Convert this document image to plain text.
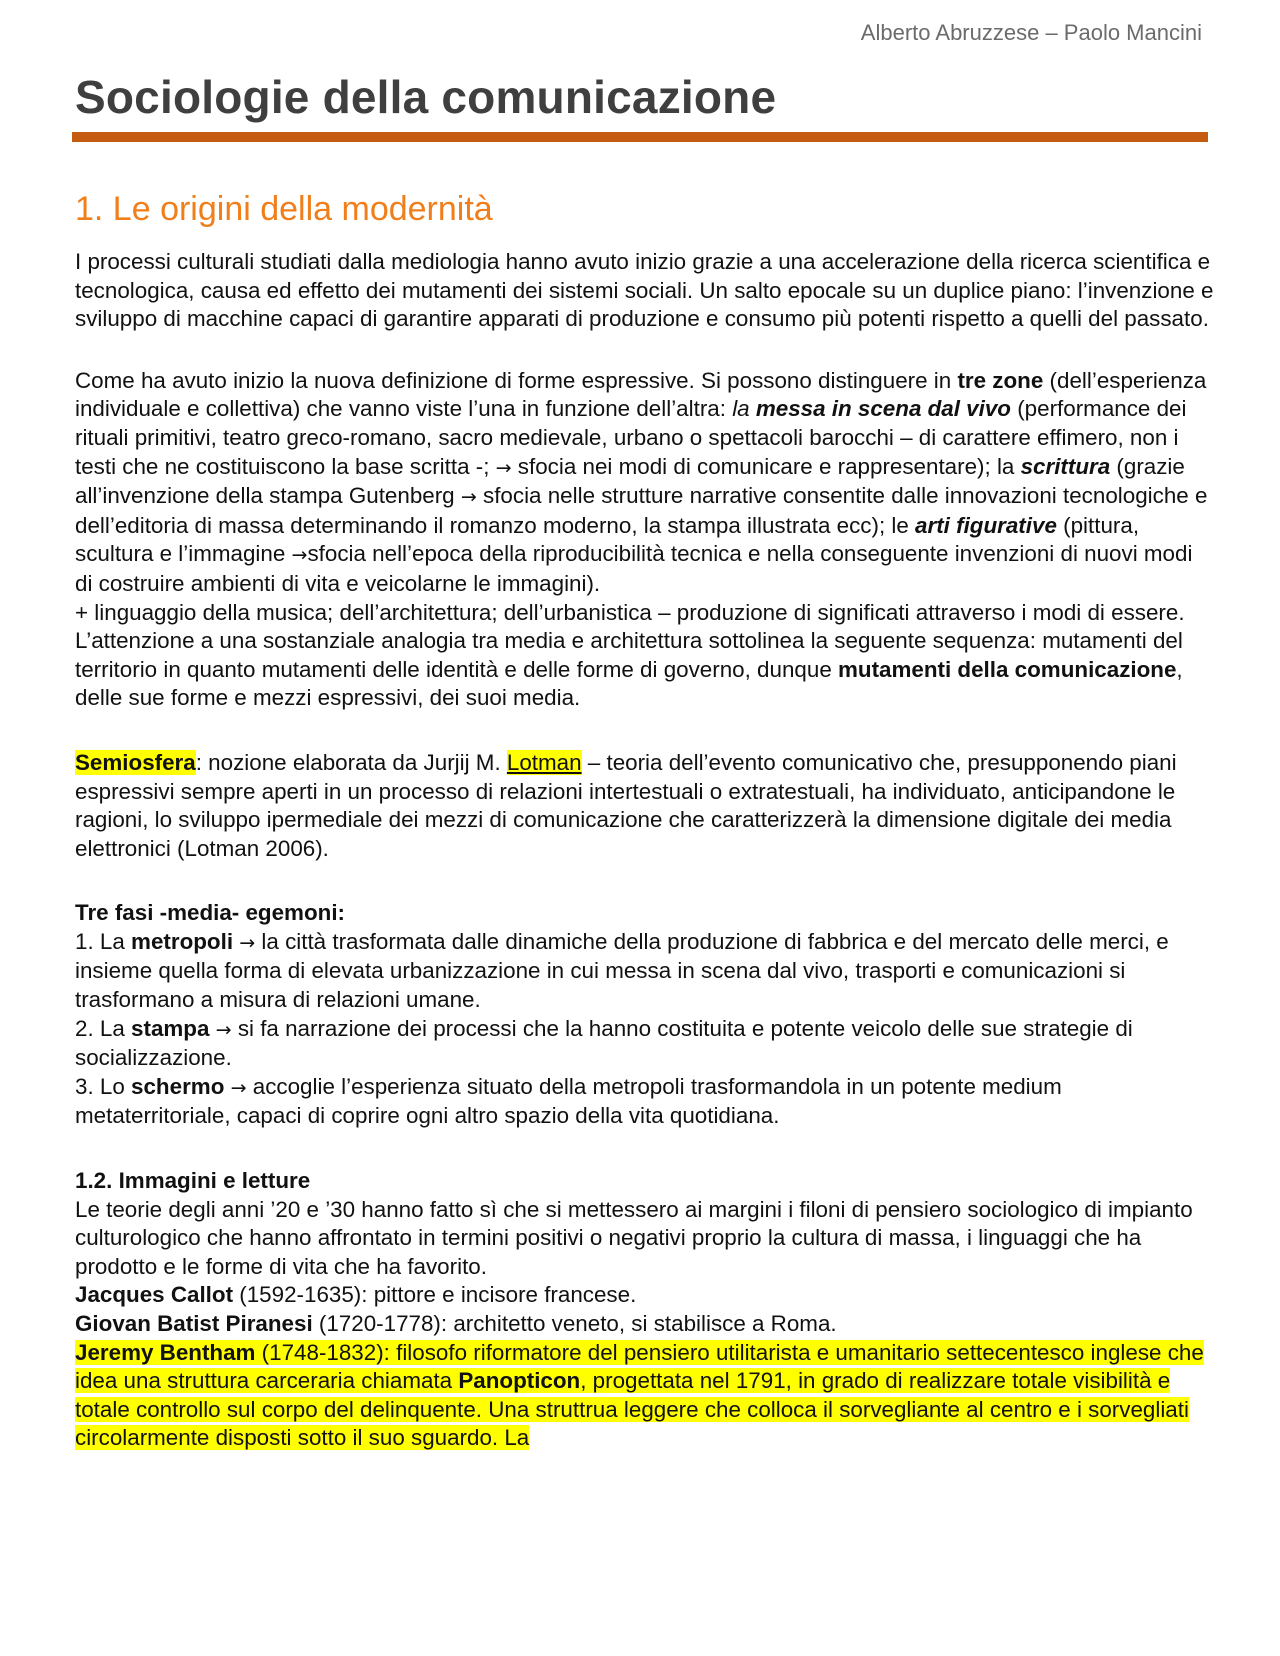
Alberto Abruzzese – Paolo Mancini
Sociologie della comunicazione
1. Le origini della modernità

I processi culturali studiati dalla mediologia hanno avuto inizio grazie a una accelerazione della ricerca scientifica e tecnologica, causa ed effetto dei mutamenti dei sistemi sociali. Un salto epocale su un duplice piano: l’invenzione e sviluppo di macchine capaci di garantire apparati di produzione e consumo più potenti rispetto a quelli del passato.

Come ha avuto inizio la nuova definizione di forme espressive. Si possono distinguere in tre zone (dell’esperienza individuale e collettiva) che vanno viste l’una in funzione dell’altra: la messa in scena dal vivo (performance dei rituali primitivi, teatro greco-romano, sacro medievale, urbano o spettacoli barocchi – di carattere effimero, non i testi che ne costituiscono la base scritta -; → sfocia nei modi di comunicare e rappresentare); la scrittura (grazie all’invenzione della stampa Gutenberg → sfocia nelle strutture narrative consentite dalle innovazioni tecnologiche e dell’editoria di massa determinando il romanzo moderno, la stampa illustrata ecc); le arti figurative (pittura, scultura e l’immagine →sfocia nell’epoca della riproducibilità tecnica e nella conseguente invenzioni di nuovi modi di costruire ambienti di vita e veicolarne le immagini).

+ linguaggio della musica; dell’architettura; dell’urbanistica – produzione di significati attraverso i modi di essere.

L’attenzione a una sostanziale analogia tra media e architettura sottolinea la seguente sequenza: mutamenti del territorio in quanto mutamenti delle identità e delle forme di governo, dunque mutamenti della comunicazione, delle sue forme e mezzi espressivi, dei suoi media.

Semiosfera: nozione elaborata da Jurjij M. Lotman – teoria dell’evento comunicativo che, presupponendo piani espressivi sempre aperti in un processo di relazioni intertestuali o extratestuali, ha individuato, anticipandone le ragioni, lo sviluppo ipermediale dei mezzi di comunicazione che caratterizzerà la dimensione digitale dei media elettronici (Lotman 2006).

Tre fasi -media- egemoni:

1. La metropoli → la città trasformata dalle dinamiche della produzione di fabbrica e del mercato delle merci, e insieme quella forma di elevata urbanizzazione in cui messa in scena dal vivo, trasporti e comunicazioni si trasformano a misura di relazioni umane.

2. La stampa → si fa narrazione dei processi che la hanno costituita e potente veicolo delle sue strategie di socializzazione.

3. Lo schermo → accoglie l’esperienza situato della metropoli trasformandola in un potente medium metaterritoriale, capaci di coprire ogni altro spazio della vita quotidiana.

1.2. Immagini e letture

Le teorie degli anni ’20 e ’30 hanno fatto sì che si mettessero ai margini i filoni di pensiero sociologico di impianto culturologico che hanno affrontato in termini positivi o negativi proprio la cultura di massa, i linguaggi che ha prodotto e le forme di vita che ha favorito.

Jacques Callot (1592-1635): pittore e incisore francese.

Giovan Batist Piranesi (1720-1778): architetto veneto, si stabilisce a Roma.

Jeremy Bentham (1748-1832): filosofo riformatore del pensiero utilitarista e umanitario settecentesco inglese che idea una struttura carceraria chiamata Panopticon, progettata nel 1791, in grado di realizzare totale visibilità e totale controllo sul corpo del delinquente. Una struttrua leggere che colloca il sorvegliante al centro e i sorvegliati circolarmente disposti sotto il suo sguardo. La
